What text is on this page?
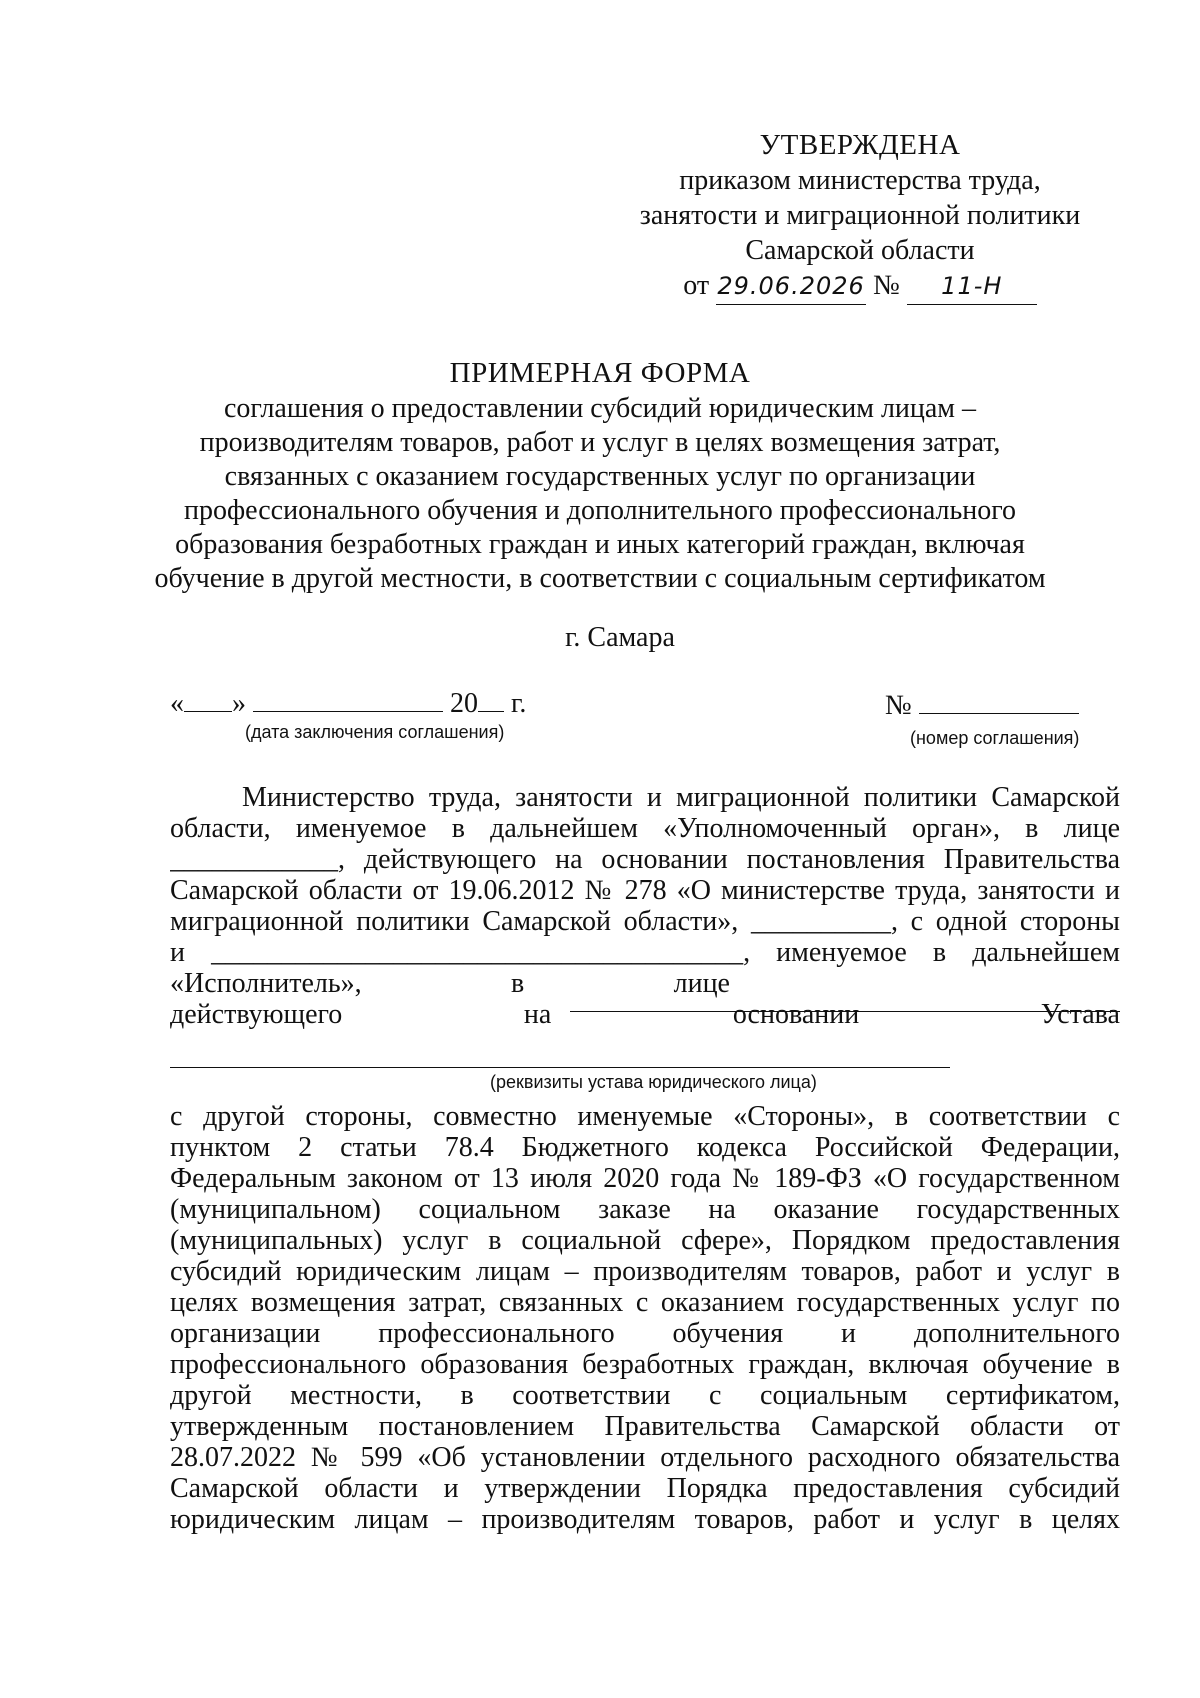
УТВЕРЖДЕНА
приказом министерства труда,
занятости и миграционной политики
Самарской области
от 29.06.2026 № 11-Н
ПРИМЕРНАЯ ФОРМА
соглашения о предоставлении субсидий юридическим лицам –
производителям товаров, работ и услуг в целях возмещения затрат,
связанных с оказанием государственных услуг по организации
профессионального обучения и дополнительного профессионального
образования безработных граждан и иных категорий граждан, включая
обучение в другой местности, в соответствии с социальным сертификатом
г. Самара
« »	20 г.
(дата заключения соглашения)
№
(номер соглашения)
Министерство труда, занятости и миграционной политики Самарской
области, именуемое в дальнейшем «Уполномоченный орган», в лице
____________, действующего на основании постановления Правительства
Самарской области от 19.06.2012 № 278 «О министерстве труда, занятости и
миграционной политики Самарской области», __________, с одной стороны
и ______________________________________, именуемое в дальнейшем
«Исполнитель»,	в	лице
действующего	на	основании	Устава
(реквизиты устава юридического лица)
с другой стороны, совместно именуемые «Стороны», в соответствии с
пунктом 2 статьи 78.4 Бюджетного кодекса Российской Федерации,
Федеральным законом от 13 июля 2020 года № 189-ФЗ «О государственном
(муниципальном) социальном заказе на оказание государственных
(муниципальных) услуг в социальной сфере», Порядком предоставления
субсидий юридическим лицам – производителям товаров, работ и услуг в
целях возмещения затрат, связанных с оказанием государственных услуг по
организации профессионального обучения и дополнительного
профессионального образования безработных граждан, включая обучение в
другой местности, в соответствии с социальным сертификатом,
утвержденным постановлением Правительства Самарской области от
28.07.2022 № 599 «Об установлении отдельного расходного обязательства
Самарской области и утверждении Порядка предоставления субсидий
юридическим лицам – производителям товаров, работ и услуг в целях
